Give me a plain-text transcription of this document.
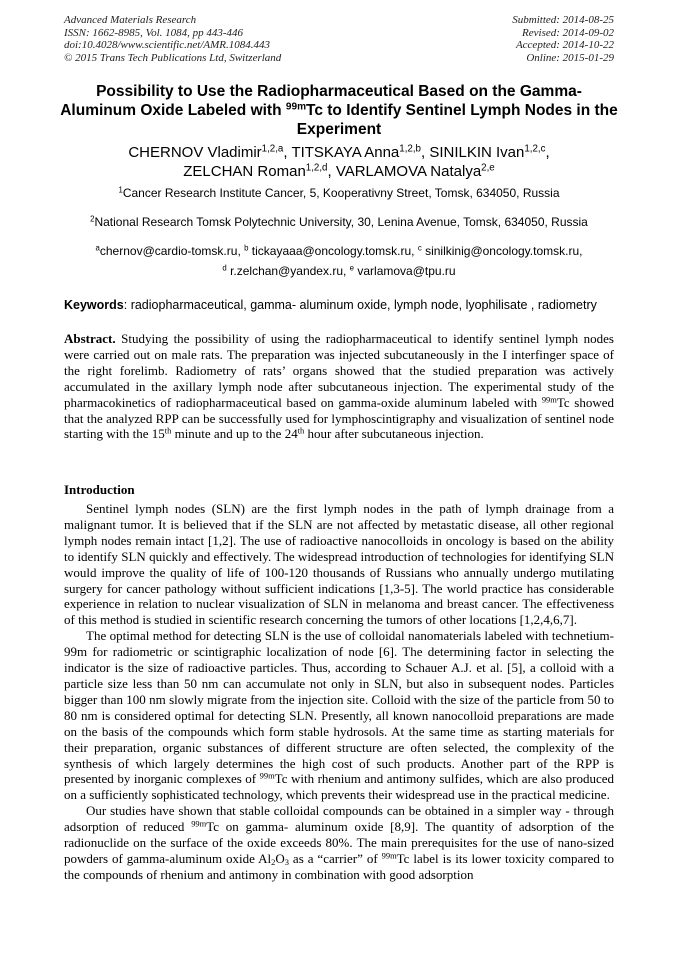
Advanced Materials Research
ISSN: 1662-8985, Vol. 1084, pp 443-446
doi:10.4028/www.scientific.net/AMR.1084.443
© 2015 Trans Tech Publications Ltd, Switzerland
Submitted: 2014-08-25
Revised: 2014-09-02
Accepted: 2014-10-22
Online: 2015-01-29
Possibility to Use the Radiopharmaceutical Based on the Gamma-Aluminum Oxide Labeled with $^{99m}$Tc to Identify Sentinel Lymph Nodes in the Experiment
CHERNOV Vladimir$^{1,2,a}$, TITSKAYA Anna$^{1,2,b}$, SINILKIN Ivan$^{1,2,c}$,
ZELCHAN Roman$^{1,2,d}$, VARLAMOVA Natalya$^{2,e}$
$^1$Cancer Research Institute Cancer, 5, Kooperativny Street, Tomsk, 634050, Russia
$^2$National Research Tomsk Polytechnic University, 30, Lenina Avenue, Tomsk, 634050, Russia
$^a$chernov@cardio-tomsk.ru, $^b$ tickayaaa@oncology.tomsk.ru, $^c$ sinilkinig@oncology.tomsk.ru,
$^d$ r.zelchan@yandex.ru, $^e$ varlamova@tpu.ru
Keywords: radiopharmaceutical, gamma- aluminum oxide, lymph node, lyophilisate , radiometry
Abstract. Studying the possibility of using the radiopharmaceutical to identify sentinel lymph nodes were carried out on male rats. The preparation was injected subcutaneously in the I interfinger space of the right forelimb. Radiometry of rats’ organs showed that the studied preparation was actively accumulated in the axillary lymph node after subcutaneous injection. The experimental study of the pharmacokinetics of radiopharmaceutical based on gamma-oxide aluminum labeled with $^{99m}$Tc showed that the analyzed RPP can be successfully used for lymphoscintigraphy and visualization of sentinel node starting with the 15th minute and up to the 24th hour after subcutaneous injection.
Introduction

Sentinel lymph nodes (SLN) are the first lymph nodes in the path of lymph drainage from a malignant tumor. It is believed that if the SLN are not affected by metastatic disease, all other regional lymph nodes remain intact [1,2]. The use of radioactive nanocolloids in oncology is based on the ability to identify SLN quickly and effectively. The widespread introduction of technologies for identifying SLN would improve the quality of life of 100-120 thousands of Russians who annually undergo mutilating surgery for cancer pathology without sufficient indications [1,3-5]. The world practice has considerable experience in relation to nuclear visualization of SLN in melanoma and breast cancer. The effectiveness of this method is studied in scientific research concerning the tumors of other locations [1,2,4,6,7].

The optimal method for detecting SLN is the use of colloidal nanomaterials labeled with technetium-99m for radiometric or scintigraphic localization of node [6]. The determining factor in selecting the indicator is the size of radioactive particles. Thus, according to Schauer A.J. et al. [5], a colloid with a particle size less than 50 nm can accumulate not only in SLN, but also in subsequent nodes. Particles bigger than 100 nm slowly migrate from the injection site. Colloid with the size of the particle from 50 to 80 nm is considered optimal for detecting SLN. Presently, all known nanocolloid preparations are made on the basis of the compounds which form stable hydrosols. At the same time as starting materials for their preparation, organic substances of different structure are often selected, the complexity of the synthesis of which largely determines the high cost of such products. Another part of the RPP is presented by inorganic complexes of $^{99m}$Tc with rhenium and antimony sulfides, which are also produced on a sufficiently sophisticated technology, which prevents their widespread use in the practical medicine.

Our studies have shown that stable colloidal compounds can be obtained in a simpler way - through adsorption of reduced $^{99m}$Tc on gamma- aluminum oxide [8,9]. The quantity of adsorption of the radionuclide on the surface of the oxide exceeds 80%. The main prerequisites for the use of nano-sized powders of gamma-aluminum oxide $Al_2O_3$ as a “carrier” of $^{99m}$Tc label is its lower toxicity compared to the compounds of rhenium and antimony in combination with good adsorption
